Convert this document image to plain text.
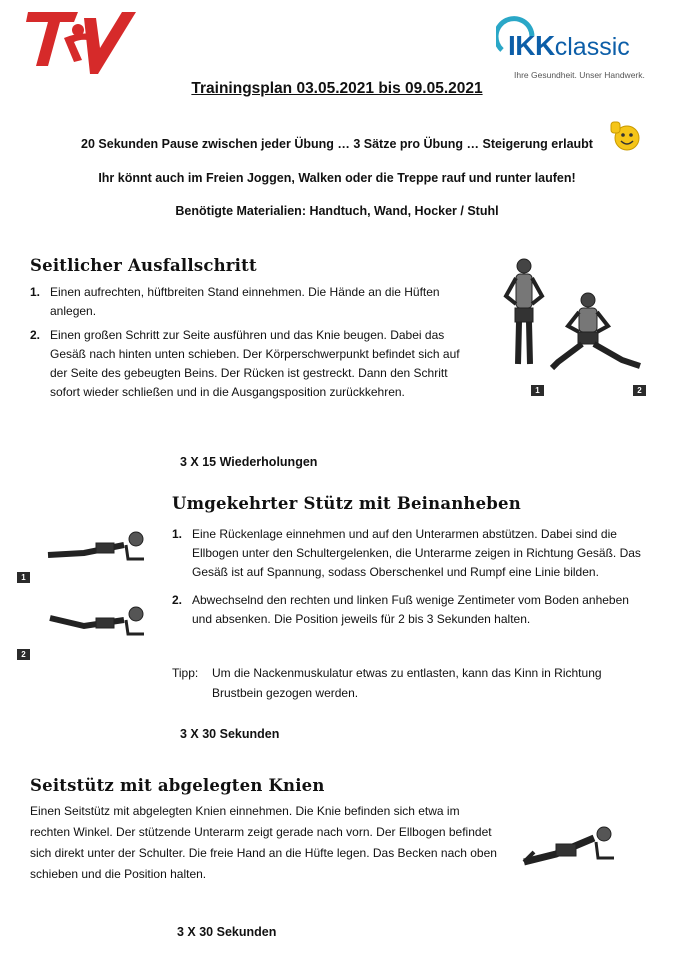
IKKclassic
Ihre Gesundheit. Unser Handwerk.
Trainingsplan 03.05.2021 bis 09.05.2021
20 Sekunden Pause zwischen jeder Übung … 3 Sätze pro Übung … Steigerung erlaubt
Ihr könnt auch im Freien Joggen, Walken oder die Treppe rauf und runter laufen!
Benötigte Materialien: Handtuch, Wand, Hocker / Stuhl
Seitlicher Ausfallschritt
1. Einen aufrechten, hüftbreiten Stand einnehmen. Die Hände an die Hüften anlegen.
2. Einen großen Schritt zur Seite ausführen und das Knie beugen. Dabei das Gesäß nach hinten unten schieben. Der Körperschwerpunkt befindet sich auf der Seite des gebeugten Beins. Der Rücken ist gestreckt. Dann den Schritt sofort wieder schließen und in die Ausgangsposition zurückkehren.	1	2
3 X 15 Wiederholungen
Umgekehrter Stütz mit Beinanheben
1. Eine Rückenlage einnehmen und auf den Unterarmen abstützen. Dabei sind die Ellbogen unter den Schultergelenken, die Unterarme zeigen in Richtung Gesäß. Das Gesäß ist auf Spannung, sodass Oberschenkel und Rumpf eine Linie bilden.
2. Abwechselnd den rechten und linken Fuß wenige Zentimeter vom Boden anheben und absenken. Die Position jeweils für 2 bis 3 Sekunden halten.
Tipp: Um die Nackenmuskulatur etwas zu entlasten, kann das Kinn in Richtung Brustbein gezogen werden.
1
2
3 X 30 Sekunden
Seitstütz mit abgelegten Knien
Einen Seitstütz mit abgelegten Knien einnehmen. Die Knie befinden sich etwa im rechten Winkel. Der stützende Unterarm zeigt gerade nach vorn. Der Ellbogen befindet sich direkt unter der Schulter. Die freie Hand an die Hüfte legen. Das Becken nach oben schieben und die Position halten.
3 X 30 Sekunden
